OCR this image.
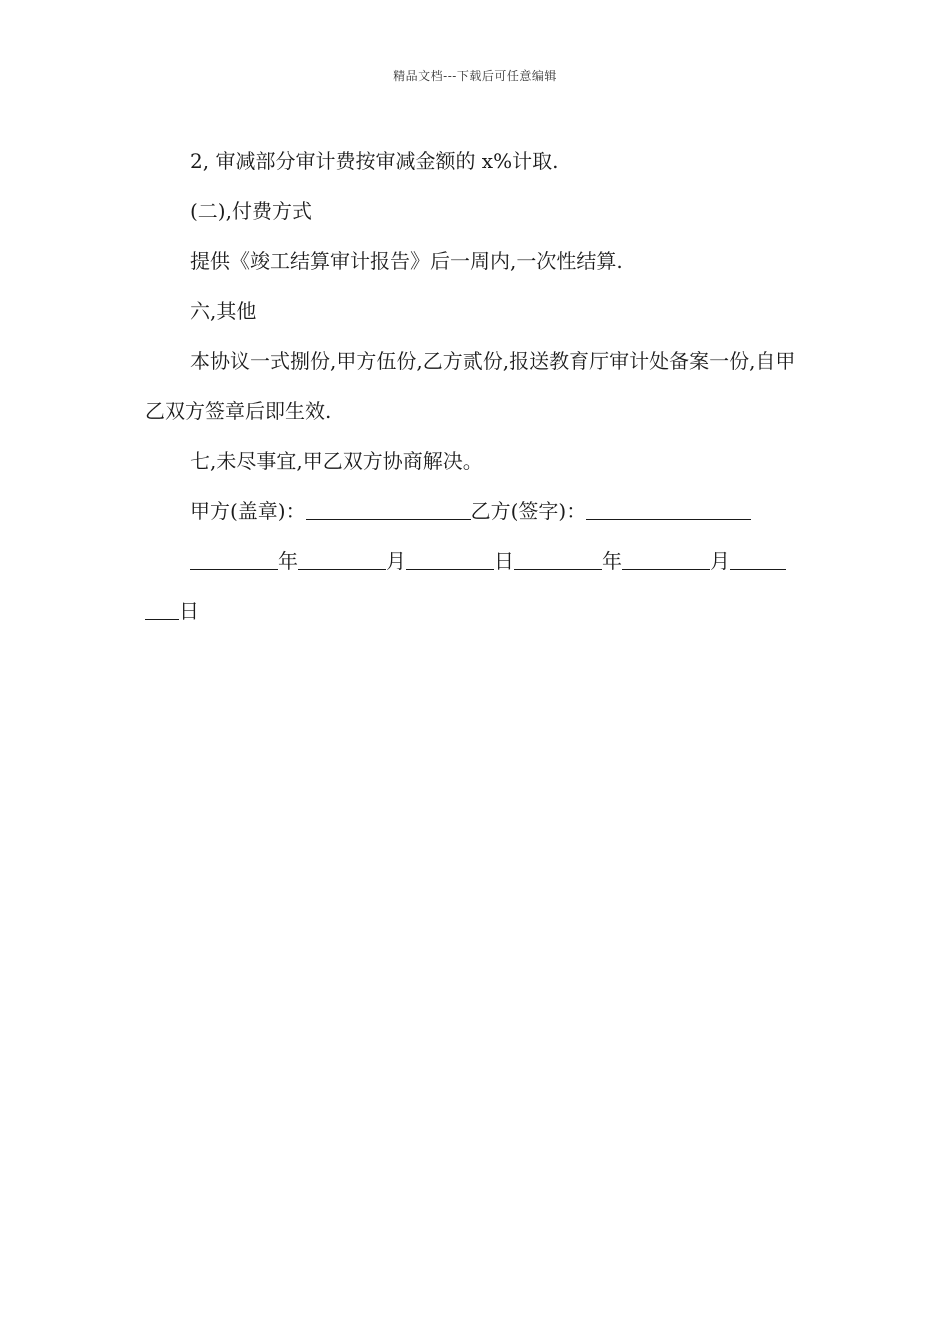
精品文档---下载后可任意编辑

2, 审减部分审计费按审减金额的 x%计取.

(二),付费方式

提供《竣工结算审计报告》后一周内,一次性结算.

六,其他

本协议一式捌份,甲方伍份,乙方贰份,报送教育厅审计处备案一份,自甲乙双方签章后即生效.

七,未尽事宜,甲乙双方协商解决。

甲方(盖章)：	乙方(签字)：

年	月	日	年	月

日
